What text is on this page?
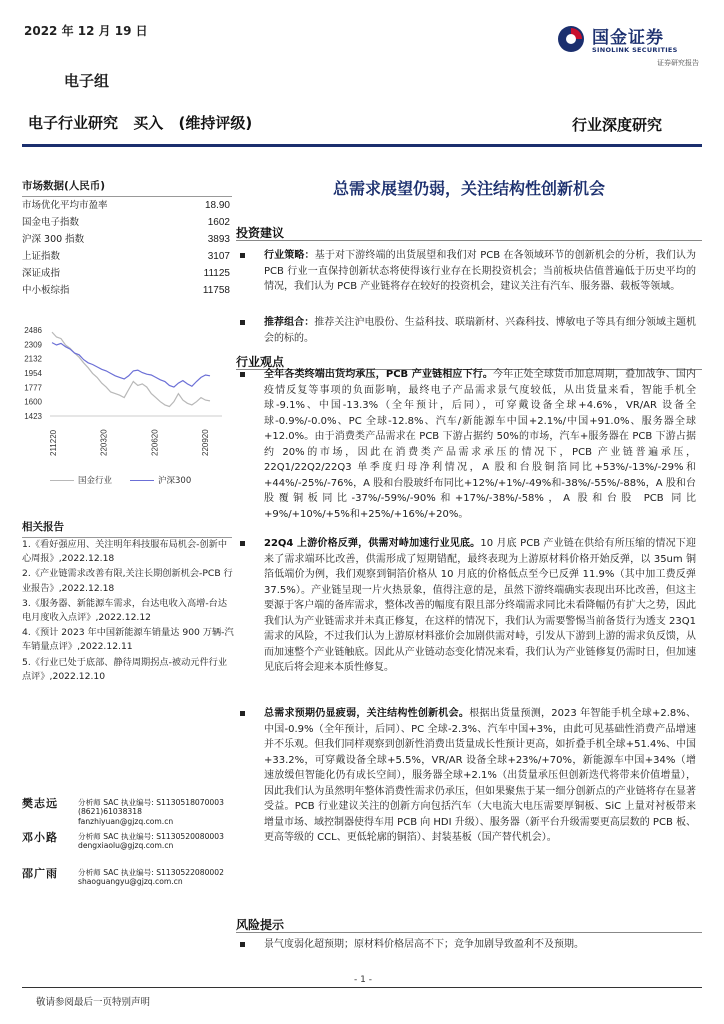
2022 年 12 月 19 日	国金证券
SINOLINK SECURITIES
证券研究报告
电子组
电子行业研究 买入 (维持评级)	行业深度研究
市场数据(人民币)
市场优化平均市盈率	18.90
国金电子指数	1602
沪深 300 指数	3893
上证指数	3107
深证成指	11125
中小板综指	11758
2486
2309
2132
1954
1777
1600
1423
211220	220320	220620	220920
国金行业	沪深300
相关报告
1.《看好强应用、关注明年科技服布局机会-创新中心周报》,2022.12.18
2.《产业链需求改善有限,关注长期创新机会-PCB 行业报告》,2022.12.18
3.《服务器、新能源车需求，台达电收入高增-台达电月度收入点评》,2022.12.12
4.《预计 2023 年中国新能源车销量达 900 万辆-汽车销量点评》,2022.12.11
5.《行业已处于底部、静待周期拐点-被动元件行业点评》,2022.12.10
樊志远	分析师 SAC 执业编号: S1130518070003
(8621)61038318
fanzhiyuan@gjzq.com.cn
邓小路	分析师 SAC 执业编号: S1130520080003
dengxiaolu@gjzq.com.cn
邵广雨	分析师 SAC 执业编号: S1130522080002
shaoguangyu@gjzq.com.cn
总需求展望仍弱，关注结构性创新机会
投资建议
行业策略：基于对下游终端的出货展望和我们对 PCB 在各领域环节的创新机会的分析，我们认为 PCB 行业一直保持创新状态将使得该行业存在长期投资机会；当前板块估值普遍低于历史平均的情况，我们认为 PCB 产业链将存在较好的投资机会，建议关注有汽车、服务器、载板等领域。
推荐组合：推荐关注沪电股份、生益科技、联瑞新材、兴森科技、博敏电子等具有细分领域主题机会的标的。
行业观点
全年各类终端出货均承压，PCB 产业链相应下行。今年正处全球货币加息周期，叠加战争、国内疫情反复等事项的负面影响，最终电子产品需求景气度较低，从出货量来看，智能手机全球-9.1%、中国-13.3%（全年预计，后同），可穿戴设备全球+4.6%，VR/AR 设备全球-0.9%/-0.0%、PC 全球-12.8%、汽车/新能源车中国+2.1%/中国+91.0%、服务器全球+12.0%。由于消费类产品需求在 PCB 下游占据约 50%的市场，汽车+服务器在 PCB 下游占据约 20%的市场，因此在消费类产品需求承压的情况下，PCB 产业链普遍承压，22Q1/22Q2/22Q3 单季度归母净利情况，A 股和台股铜箔同比+53%/-13%/-29%和+44%/-25%/-76%，A 股和台股玻纤布同比+12%/+1%/-49%和-38%/-55%/-88%，A 股和台股覆铜板同比-37%/-59%/-90%和+17%/-38%/-58%，A 股和台股 PCB 同比+9%/+10%/+5%和+25%/+16%/+20%。
22Q4 上游价格反弹，供需对峙加速行业见底。10 月底 PCB 产业链在供给有所压缩的情况下迎来了需求端环比改善，供需形成了短期错配，最终表现为上游原材料价格开始反弹，以 35um 铜箔低端价为例，我们观察到铜箔价格从 10 月底的价格低点至今已反弹 11.9%（其中加工费反弹 37.5%）。产业链呈现一片火热景象，值得注意的是，虽然下游终端确实表现出环比改善，但这主要源于客户端的备库需求，整体改善的幅度有限且部分终端需求同比未看降幅仍有扩大之势，因此我们认为产业链需求并未真正修复，在这样的情况下，我们认为需要警惕当前备货行为透支 23Q1 需求的风险，不过我们认为上游原材料涨价会加剧供需对峙，引发从下游到上游的需求负反馈，从而加速整个产业链触底。因此从产业链动态变化情况来看，我们认为产业链修复仍需时日，但加速见底后将会迎来本质性修复。
总需求预期仍显疲弱，关注结构性创新机会。根据出货量预测，2023 年智能手机全球+2.8%、中国-0.9%（全年预计，后同）、PC 全球-2.3%、汽车中国+3%，由此可见基础性消费产品增速并不乐观。但我们同样观察到创新性消费出货量成长性预计更高，如折叠手机全球+51.4%、中国+33.2%，可穿戴设备全球+5.5%，VR/AR 设备全球+23%/+70%，新能源车中国+34%（增速放缓但智能化仍有成长空间），服务器全球+2.1%（出货量承压但创新迭代将带来价值增量），因此我们认为虽然明年整体消费性需求仍承压，但如果聚焦于某一细分创新点的产业链将存在显著受益。PCB 行业建议关注的创新方向包括汽车（大电流大电压需要厚铜板、SiC 上量对衬板带来增量市场、域控制器使得车用 PCB 向 HDI 升级）、服务器（新平台升级需要更高层数的 PCB 板、更高等级的 CCL、更低轮廓的铜箔）、封装基板（国产替代机会）。
风险提示
景气度弱化超预期；原材料价格居高不下；竞争加剧导致盈利不及预期。
- 1 -
敬请参阅最后一页特别声明
